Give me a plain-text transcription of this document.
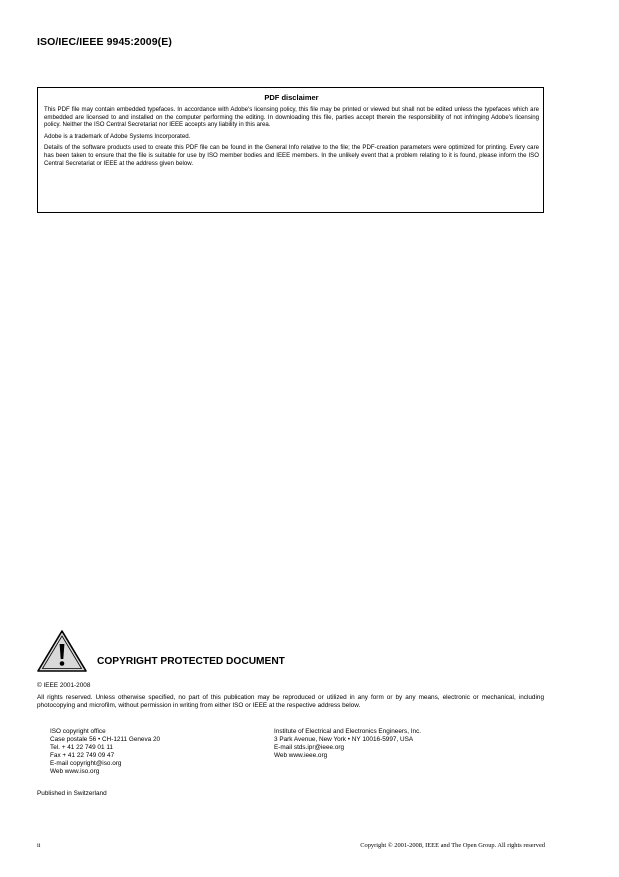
ISO/IEC/IEEE 9945:2009(E)
PDF disclaimer

This PDF file may contain embedded typefaces. In accordance with Adobe's licensing policy, this file may be printed or viewed but shall not be edited unless the typefaces which are embedded are licensed to and installed on the computer performing the editing. In downloading this file, parties accept therein the responsibility of not infringing Adobe's licensing policy. Neither the ISO Central Secretariat nor IEEE accepts any liability in this area.

Adobe is a trademark of Adobe Systems Incorporated.

Details of the software products used to create this PDF file can be found in the General Info relative to the file; the PDF-creation parameters were optimized for printing. Every care has been taken to ensure that the file is suitable for use by ISO member bodies and IEEE members. In the unlikely event that a problem relating to it is found, please inform the ISO Central Secretariat or IEEE at the address given below.

COPYRIGHT PROTECTED DOCUMENT
© IEEE 2001-2008
All rights reserved. Unless otherwise specified, no part of this publication may be reproduced or utilized in any form or by any means, electronic or mechanical, including photocopying and microfilm, without permission in writing from either ISO or IEEE at the respective address below.
ISO copyright office
Case postale 56 • CH-1211 Geneva 20
Tel. + 41 22 749 01 11
Fax + 41 22 749 09 47
E-mail copyright@iso.org
Web www.iso.org
Institute of Electrical and Electronics Engineers, Inc.
3 Park Avenue, New York • NY 10016-5997, USA
E-mail stds.ipr@ieee.org
Web www.ieee.org
Published in Switzerland
ii	Copyright © 2001-2008, IEEE and The Open Group. All rights reserved
